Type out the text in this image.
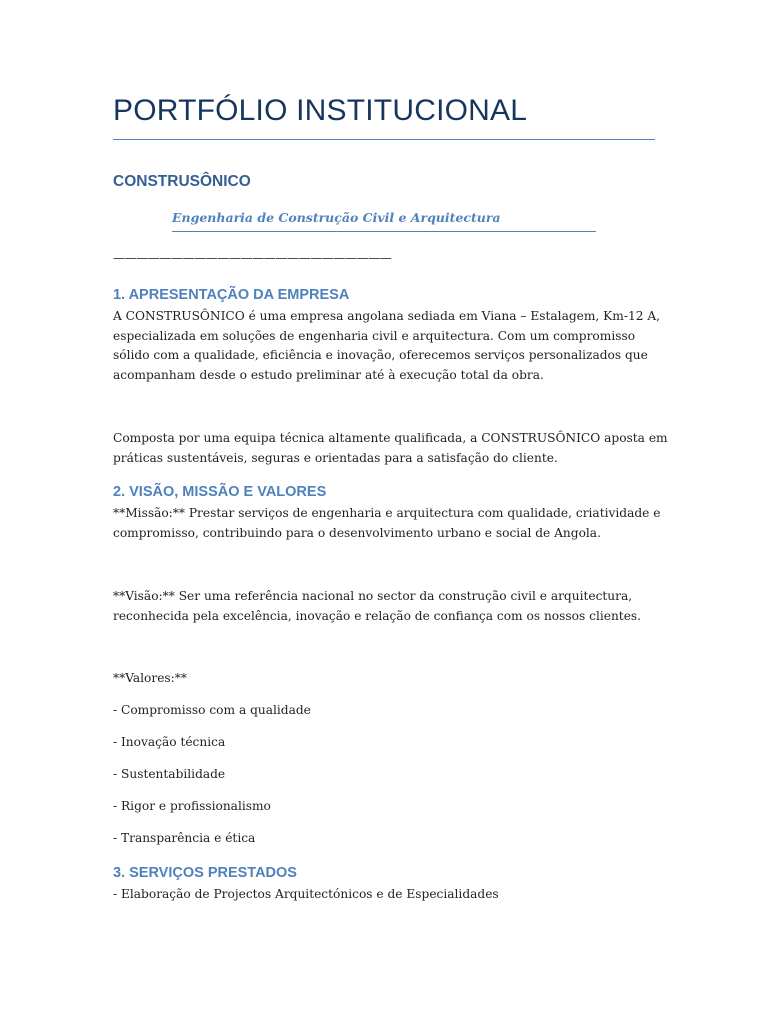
PORTFÓLIO INSTITUCIONAL
CONSTRUSÔNICO
Engenharia de Construção Civil e Arquitectura
————————————————————————
1. APRESENTAÇÃO DA EMPRESA
A CONSTRUSÔNICO é uma empresa angolana sediada em Viana – Estalagem, Km-12 A, especializada em soluções de engenharia civil e arquitectura. Com um compromisso sólido com a qualidade, eficiência e inovação, oferecemos serviços personalizados que acompanham desde o estudo preliminar até à execução total da obra.
Composta por uma equipa técnica altamente qualificada, a CONSTRUSÔNICO aposta em práticas sustentáveis, seguras e orientadas para a satisfação do cliente.
2. VISÃO, MISSÃO E VALORES
**Missão:** Prestar serviços de engenharia e arquitectura com qualidade, criatividade e compromisso, contribuindo para o desenvolvimento urbano e social de Angola.
**Visão:** Ser uma referência nacional no sector da construção civil e arquitectura, reconhecida pela excelência, inovação e relação de confiança com os nossos clientes.
**Valores:**
- Compromisso com a qualidade
- Inovação técnica
- Sustentabilidade
- Rigor e profissionalismo
- Transparência e ética
3. SERVIÇOS PRESTADOS
- Elaboração de Projectos Arquitectónicos e de Especialidades
